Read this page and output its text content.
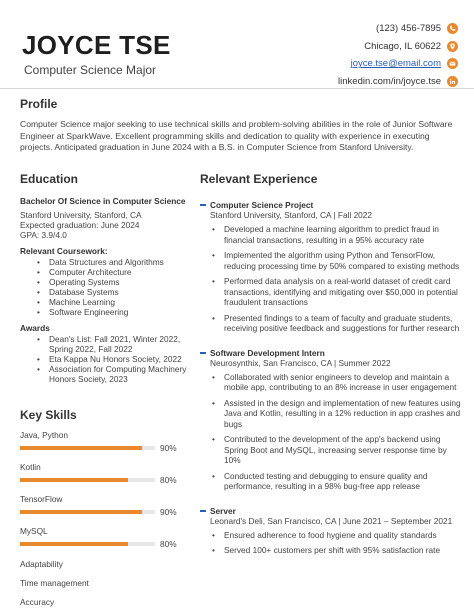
JOYCE TSE
Computer Science Major
(123) 456-7895
Chicago, IL 60622
joyce.tse@email.com
linkedin.com/in/joyce.tse
Profile

Computer Science major seeking to use technical skills and problem-solving abilities in the role of Junior Software Engineer at SparkWave. Excellent programming skills and dedication to quality with experience in executing projects. Anticipated graduation in June 2024 with a B.S. in Computer Science from Stanford University.

Education
Bachelor Of Science in Computer Science
Stanford University, Stanford, CA
Expected graduation: June 2024
GPA: 3.9/4.0
Relevant Coursework:
• Data Structures and Algorithms
• Computer Architecture
• Operating Systems
• Database Systems
• Machine Learning
• Software Engineering
Awards
• Dean's List: Fall 2021, Winter 2022, Spring 2022, Fall 2022
• Eta Kappa Nu Honors Society, 2022
• Association for Computing Machinery Honors Society, 2023
Key Skills
Java, Python
90%
Kotlin
80%
TensorFlow
90%
MySQL
80%
Adaptability
Time management
Accuracy
Relevant Experience
Computer Science Project
Stanford University, Stanford, CA | Fall 2022
• Developed a machine learning algorithm to predict fraud in financial transactions, resulting in a 95% accuracy rate
• Implemented the algorithm using Python and TensorFlow, reducing processing time by 50% compared to existing methods
• Performed data analysis on a real-world dataset of credit card transactions, identifying and mitigating over $50,000 in potential fraudulent transactions
• Presented findings to a team of faculty and graduate students, receiving positive feedback and suggestions for further research
Software Development Intern
Neurosynthix, San Francisco, CA | Summer 2022
• Collaborated with senior engineers to develop and maintain a mobile app, contributing to an 8% increase in user engagement
• Assisted in the design and implementation of new features using Java and Kotlin, resulting in a 12% reduction in app crashes and bugs
• Contributed to the development of the app's backend using Spring Boot and MySQL, increasing server response time by 10%
• Conducted testing and debugging to ensure quality and performance, resulting in a 98% bug-free app release
Server
Leonard's Deli, San Francisco, CA | June 2021 – September 2021
• Ensured adherence to food hygiene and quality standards
• Served 100+ customers per shift with 95% satisfaction rate
